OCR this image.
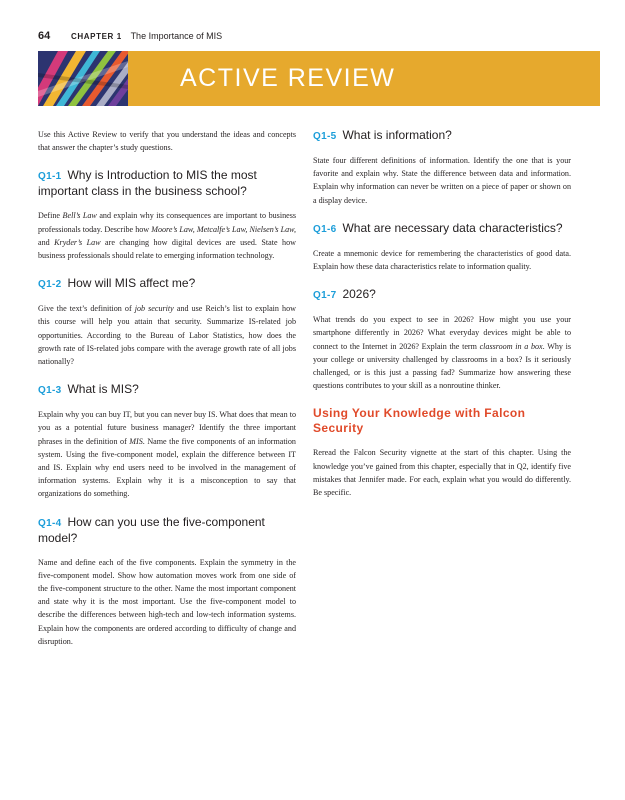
64	CHAPTER 1 The Importance of MIS
ACTIVE REVIEW

Use this Active Review to verify that you understand the ideas and concepts that answer the chapter’s study questions.

Q1-1 Why is Introduction to MIS the most important class in the business school?

Define Bell’s Law and explain why its consequences are important to business professionals today. Describe how Moore’s Law, Metcalfe’s Law, Nielsen’s Law, and Kryder’s Law are changing how digital devices are used. State how business professionals should relate to emerging information technology.

Q1-2 How will MIS affect me?

Give the text’s definition of job security and use Reich’s list to explain how this course will help you attain that security. Summarize IS-related job opportunities. According to the Bureau of Labor Statistics, how does the growth rate of IS-related jobs compare with the average growth rate of all jobs nationally?

Q1-3 What is MIS?

Explain why you can buy IT, but you can never buy IS. What does that mean to you as a potential future business manager? Identify the three important phrases in the definition of MIS. Name the five components of an information system. Using the five-component model, explain the difference between IT and IS. Explain why end users need to be involved in the management of information systems. Explain why it is a misconception to say that organizations do something.

Q1-4 How can you use the five-component model?

Name and define each of the five components. Explain the symmetry in the five-component model. Show how automation moves work from one side of the five-component structure to the other. Name the most important component and state why it is the most important. Use the five-component model to describe the differences between high-tech and low-tech information systems. Explain how the components are ordered according to difficulty of change and disruption.

Q1-5 What is information?

State four different definitions of information. Identify the one that is your favorite and explain why. State the difference between data and information. Explain why information can never be written on a piece of paper or shown on a display device.

Q1-6 What are necessary data characteristics?

Create a mnemonic device for remembering the characteristics of good data. Explain how these data characteristics relate to information quality.

Q1-7 2026?

What trends do you expect to see in 2026? How might you use your smartphone differently in 2026? What everyday devices might be able to connect to the Internet in 2026? Explain the term classroom in a box. Why is your college or university challenged by classrooms in a box? Is it seriously challenged, or is this just a passing fad? Summarize how answering these questions contributes to your skill as a nonroutine thinker.

Using Your Knowledge with Falcon Security

Reread the Falcon Security vignette at the start of this chapter. Using the knowledge you’ve gained from this chapter, especially that in Q2, identify five mistakes that Jennifer made. For each, explain what you would do differently. Be specific.
